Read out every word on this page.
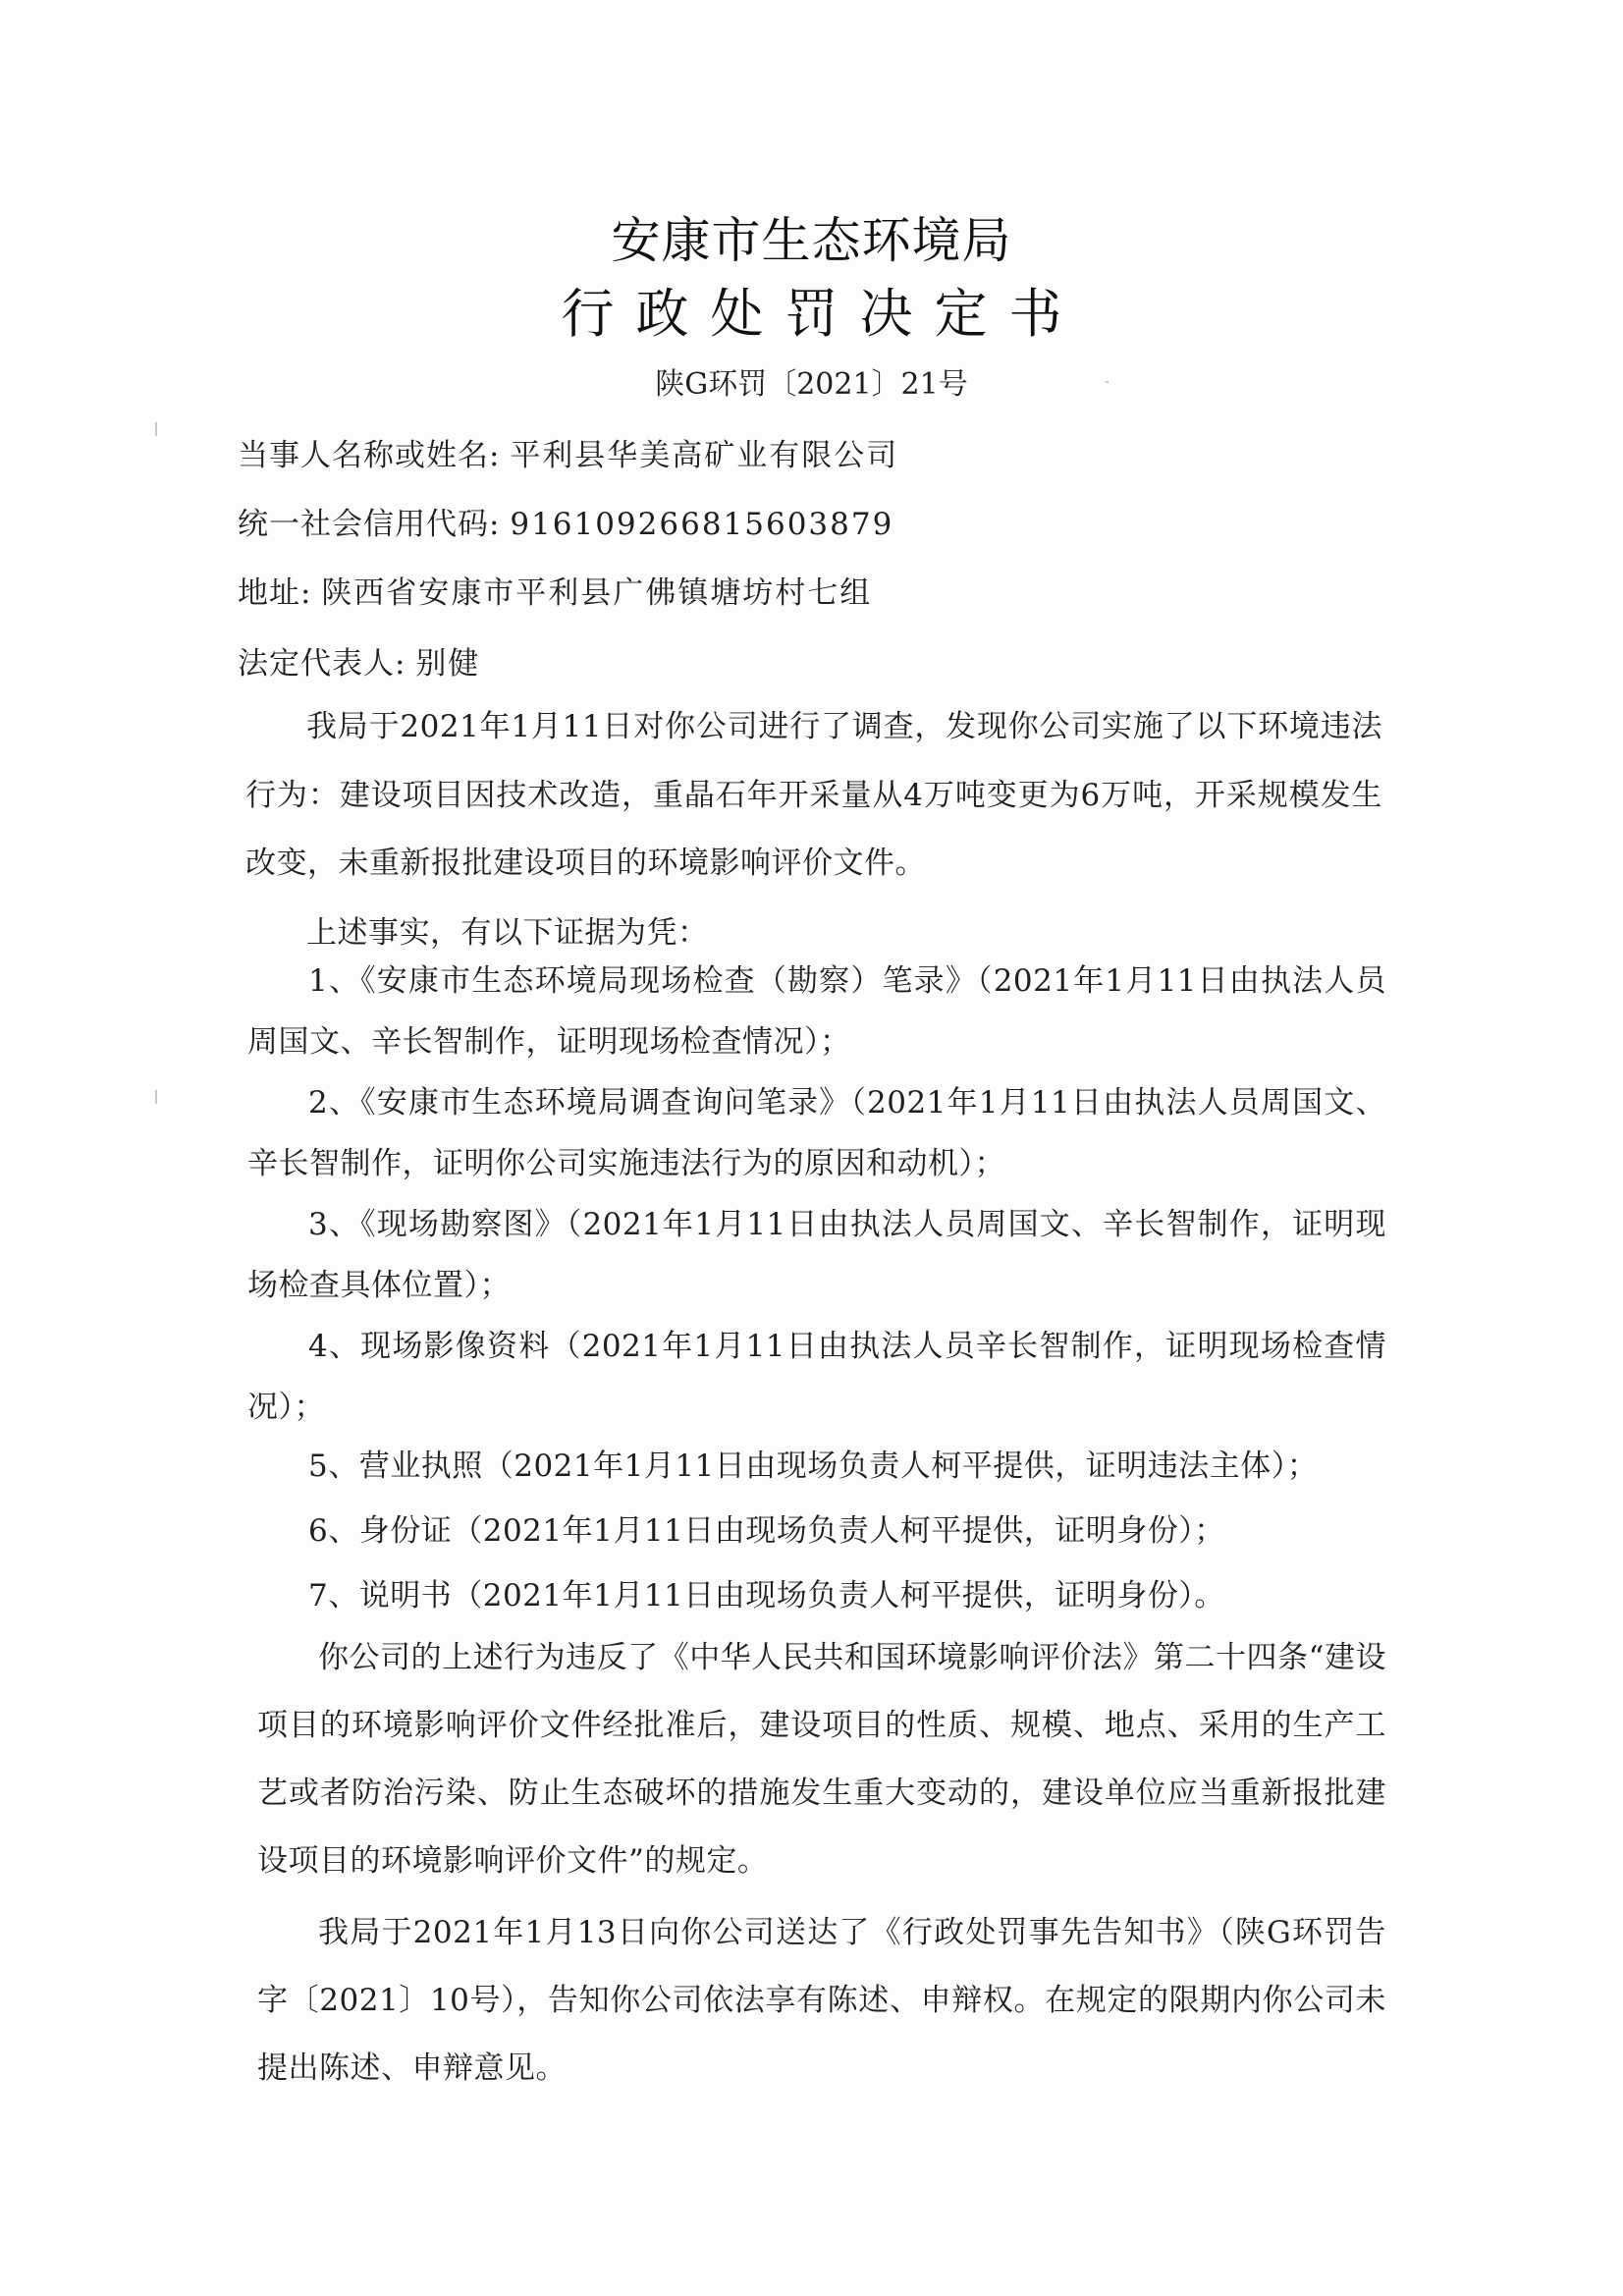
安康市生态环境局
行政处罚决定书
陕G环罚〔2021〕21号
当事人名称或姓名: 平利县华美高矿业有限公司
统一社会信用代码: 91610926681560387​9
地址: 陕西省安康市平利县广佛镇塘坊村七组
法定代表人: 别健
我局于2021年1月11日对你公司进行了调查，发现你公司实施了以下环境违法行为：建设项目因技术改造，重晶石年开采量从4万吨变更为6万吨，开采规模发生改变，未重新报批建设项目的环境影响评价文件。
上述事实，有以下证据为凭：
1、《安康市生态环境局现场检查（勘察）笔录》（2021年1月11日由执法人员周国文、辛长智制作，证明现场检查情况）；
2、《安康市生态环境局调查询问笔录》（2021年1月11日由执法人员周国文、辛长智制作，证明你公司实施违法行为的原因和动机）；
3、《现场勘察图》（2021年1月11日由执法人员周国文、辛长智制作，证明现场检查具体位置）；
4、现场影像资料（2021年1月11日由执法人员辛长智制作，证明现场检查情况）；
5、营业执照（2021年1月11日由现场负责人柯平提供，证明违法主体）；
6、身份证（2021年1月11日由现场负责人柯平提供，证明身份）；
7、说明书（2021年1月11日由现场负责人柯平提供，证明身份）。
你公司的上述行为违反了《中华人民共和国环境影响评价法》第二十四条“建设项目的环境影响评价文件经批准后，建设项目的性质、规模、地点、采用的生产工艺或者防治污染、防止生态破坏的措施发生重大变动的，建设单位应当重新报批建设项目的环境影响评价文件”的规定。
我局于2021年1月13日向你公司送达了《行政处罚事先告知书》（陕G环罚告字〔2021〕10号），告知你公司依法享有陈述、申辩权。在规定的限期内你公司未提出陈述、申辩意见。
